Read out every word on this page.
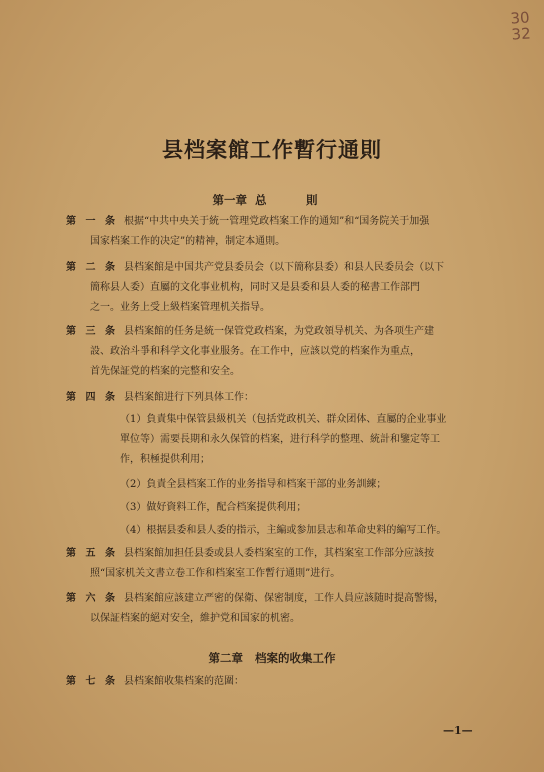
30
32
县档案館工作暫行通則
第一章 总　則
第 一 条 根据“中共中央关于統一管理党政档案工作的通知”和“国务院关于加强
国家档案工作的决定”的精神，制定本通則。
第 二 条 县档案館是中国共产党县委员会（以下簡称县委）和县人民委员会（以下
簡称县人委）直屬的文化事业机构，同时又是县委和县人委的秘書工作部門
之一。业务上受上級档案管理机关指导。
第 三 条 县档案館的任务是統一保管党政档案，为党政領导机关、为各项生产建
設、政治斗爭和科学文化事业服务。在工作中，应該以党的档案作为重点，
首先保証党的档案的完整和安全。
第 四 条 县档案館进行下列具体工作：
（1）負責集中保管县級机关（包括党政机关、群众团体、直屬的企业事业
單位等）需要長期和永久保管的档案，进行科学的整理、統計和鑒定等工
作，积極提供利用；
（2）負責全县档案工作的业务指导和档案干部的业务訓練；
（3）做好資料工作，配合档案提供利用；
（4）根据县委和县人委的指示，主編或参加县志和革命史料的編写工作。
第 五 条 县档案館加担任县委或县人委档案室的工作，其档案室工作部分应該按
照“国家机关文書立卷工作和档案室工作暫行通則”进行。
第 六 条 县档案館应該建立严密的保衛、保密制度，工作人員应該随时提高警惕，
以保証档案的絕对安全，維护党和国家的机密。
第二章 档案的收集工作
第 七 条 县档案館收集档案的范圍：
—1—
